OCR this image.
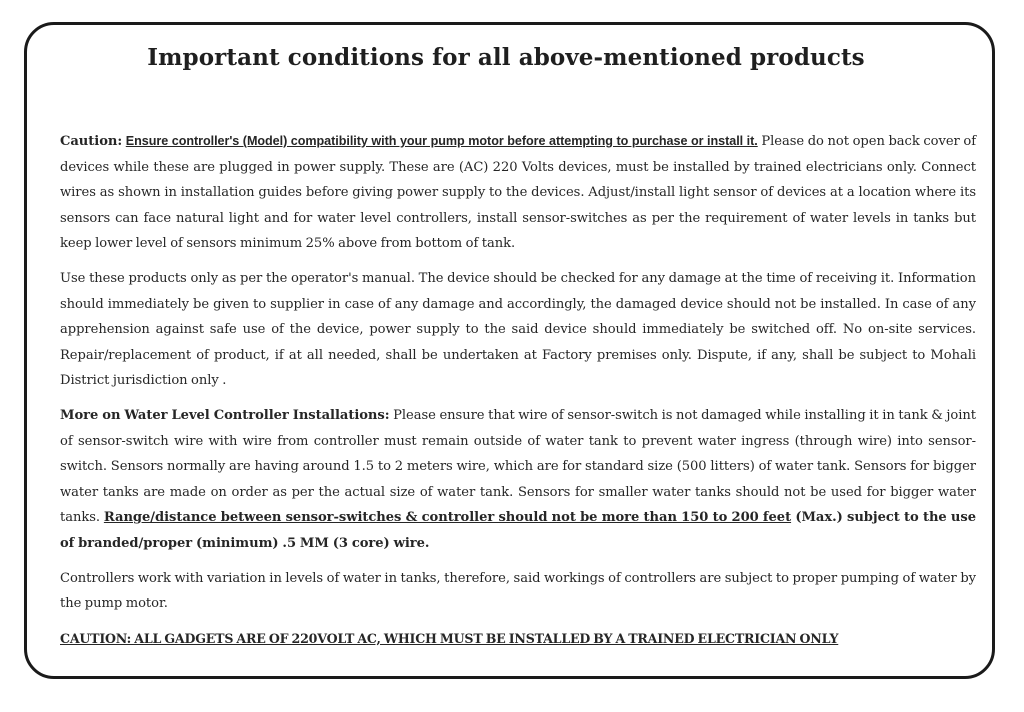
Important conditions for all above-mentioned products

Caution: Ensure controller's (Model) compatibility with your pump motor before attempting to purchase or install it. Please do not open back cover of devices while these are plugged in power supply. These are (AC) 220 Volts devices, must be installed by trained electricians only. Connect wires as shown in installation guides before giving power supply to the devices. Adjust/install light sensor of devices at a location where its sensors can face natural light and for water level controllers, install sensor-switches as per the requirement of water levels in tanks but keep lower level of sensors minimum 25% above from bottom of tank.

Use these products only as per the operator's manual. The device should be checked for any damage at the time of receiving it. Information should immediately be given to supplier in case of any damage and accordingly, the damaged device should not be installed. In case of any apprehension against safe use of the device, power supply to the said device should immediately be switched off. No on-site services. Repair/replacement of product, if at all needed, shall be undertaken at Factory premises only. Dispute, if any, shall be subject to Mohali District jurisdiction only .

More on Water Level Controller Installations: Please ensure that wire of sensor-switch is not damaged while installing it in tank & joint of sensor-switch wire with wire from controller must remain outside of water tank to prevent water ingress (through wire) into sensor-switch. Sensors normally are having around 1.5 to 2 meters wire, which are for standard size (500 litters) of water tank. Sensors for bigger water tanks are made on order as per the actual size of water tank. Sensors for smaller water tanks should not be used for bigger water tanks. Range/distance between sensor-switches & controller should not be more than 150 to 200 feet (Max.) subject to the use of branded/proper (minimum) .5 MM (3 core) wire.

Controllers work with variation in levels of water in tanks, therefore, said workings of controllers are subject to proper pumping of water by the pump motor.

CAUTION: ALL GADGETS ARE OF 220VOLT AC, WHICH MUST BE INSTALLED BY A TRAINED ELECTRICIAN ONLY
